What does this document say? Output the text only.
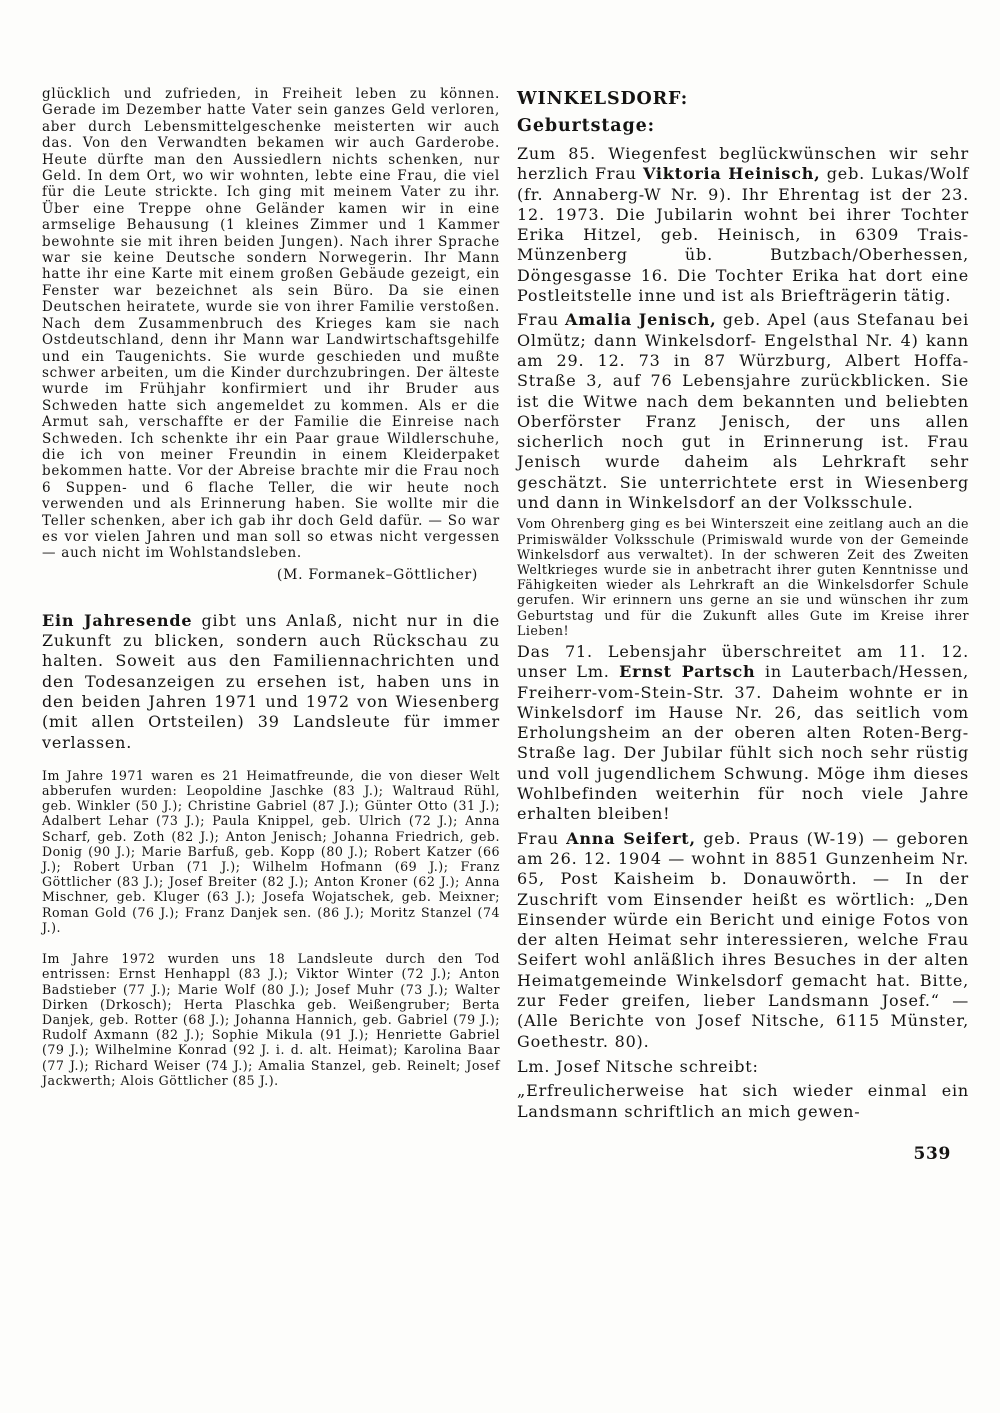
glücklich und zufrieden, in Freiheit leben zu können. Gerade im Dezember hatte Vater sein ganzes Geld verloren, aber durch Lebensmittelgeschenke meisterten wir auch das. Von den Verwandten bekamen wir auch Garderobe. Heute dürfte man den Aussiedlern nichts schenken, nur Geld. In dem Ort, wo wir wohnten, lebte eine Frau, die viel für die Leute strickte. Ich ging mit meinem Vater zu ihr. Über eine Treppe ohne Geländer kamen wir in eine armselige Behausung (1 kleines Zimmer und 1 Kammer bewohnte sie mit ihren beiden Jungen). Nach ihrer Sprache war sie keine Deutsche sondern Norwegerin. Ihr Mann hatte ihr eine Karte mit einem großen Gebäude gezeigt, ein Fenster war bezeichnet als sein Büro. Da sie einen Deutschen heiratete, wurde sie von ihrer Familie verstoßen. Nach dem Zusammenbruch des Krieges kam sie nach Ostdeutschland, denn ihr Mann war Landwirtschaftsgehilfe und ein Taugenichts. Sie wurde geschieden und mußte schwer arbeiten, um die Kinder durchzubringen. Der älteste wurde im Frühjahr konfirmiert und ihr Bruder aus Schweden hatte sich angemeldet zu kommen. Als er die Armut sah, verschaffte er der Familie die Einreise nach Schweden. Ich schenkte ihr ein Paar graue Wildlerschuhe, die ich von meiner Freundin in einem Kleiderpaket bekommen hatte. Vor der Abreise brachte mir die Frau noch 6 Suppen- und 6 flache Teller, die wir heute noch verwenden und als Erinnerung haben. Sie wollte mir die Teller schenken, aber ich gab ihr doch Geld dafür. — So war es vor vielen Jahren und man soll so etwas nicht vergessen — auch nicht im Wohlstandsleben.

(M. Formanek–Göttlicher)

Ein Jahresende gibt uns Anlaß, nicht nur in die Zukunft zu blicken, sondern auch Rückschau zu halten. Soweit aus den Familiennachrichten und den Todesanzeigen zu ersehen ist, haben uns in den beiden Jahren 1971 und 1972 von Wiesenberg (mit allen Ortsteilen) 39 Landsleute für immer verlassen.

Im Jahre 1971 waren es 21 Heimatfreunde, die von dieser Welt abberufen wurden: Leopoldine Jaschke (83 J.); Waltraud Rühl, geb. Winkler (50 J.); Christine Gabriel (87 J.); Günter Otto (31 J.); Adalbert Lehar (73 J.); Paula Knippel, geb. Ulrich (72 J.); Anna Scharf, geb. Zoth (82 J.); Anton Jenisch; Johanna Friedrich, geb. Donig (90 J.); Marie Barfuß, geb. Kopp (80 J.); Robert Katzer (66 J.); Robert Urban (71 J.); Wilhelm Hofmann (69 J.); Franz Göttlicher (83 J.); Josef Breiter (82 J.); Anton Kroner (62 J.); Anna Mischner, geb. Kluger (63 J.); Josefa Wojatschek, geb. Meixner; Roman Gold (76 J.); Franz Danjek sen. (86 J.); Moritz Stanzel (74 J.).

Im Jahre 1972 wurden uns 18 Landsleute durch den Tod entrissen: Ernst Henhappl (83 J.); Viktor Winter (72 J.); Anton Badstieber (77 J.); Marie Wolf (80 J.); Josef Muhr (73 J.); Walter Dirken (Drkosch); Herta Plaschka geb. Weißengruber; Berta Danjek, geb. Rotter (68 J.); Johanna Hannich, geb. Gabriel (79 J.); Rudolf Axmann (82 J.); Sophie Mikula (91 J.); Henriette Gabriel (79 J.); Wilhelmine Konrad (92 J. i. d. alt. Heimat); Karolina Baar (77 J.); Richard Weiser (74 J.); Amalia Stanzel, geb. Reinelt; Josef Jackwerth; Alois Göttlicher (85 J.).

WINKELSDORF:

Geburtstage:

Zum 85. Wiegenfest beglückwünschen wir sehr herzlich Frau Viktoria Heinisch, geb. Lukas/Wolf (fr. Annaberg-W Nr. 9). Ihr Ehrentag ist der 23. 12. 1973. Die Jubilarin wohnt bei ihrer Tochter Erika Hitzel, geb. Heinisch, in 6309 Trais-Münzenberg üb. Butzbach/Oberhessen, Döngesgasse 16. Die Tochter Erika hat dort eine Postleitstelle inne und ist als Briefträgerin tätig.

Frau Amalia Jenisch, geb. Apel (aus Stefanau bei Olmütz; dann Winkelsdorf- Engelsthal Nr. 4) kann am 29. 12. 73 in 87 Würzburg, Albert Hoffa-Straße 3, auf 76 Lebensjahre zurückblicken. Sie ist die Witwe nach dem bekannten und beliebten Oberförster Franz Jenisch, der uns allen sicherlich noch gut in Erinnerung ist. Frau Jenisch wurde daheim als Lehrkraft sehr geschätzt. Sie unterrichtete erst in Wiesenberg und dann in Winkelsdorf an der Volksschule.

Vom Ohrenberg ging es bei Winterszeit eine zeitlang auch an die Primiswälder Volksschule (Primiswald wurde von der Gemeinde Winkelsdorf aus verwaltet). In der schweren Zeit des Zweiten Weltkrieges wurde sie in anbetracht ihrer guten Kenntnisse und Fähigkeiten wieder als Lehrkraft an die Winkelsdorfer Schule gerufen. Wir erinnern uns gerne an sie und wünschen ihr zum Geburtstag und für die Zukunft alles Gute im Kreise ihrer Lieben!

Das 71. Lebensjahr überschreitet am 11. 12. unser Lm. Ernst Partsch in Lauterbach/Hessen, Freiherr-vom-Stein-Str. 37. Daheim wohnte er in Winkelsdorf im Hause Nr. 26, das seitlich vom Erholungsheim an der oberen alten Roten-Berg-Straße lag. Der Jubilar fühlt sich noch sehr rüstig und voll jugendlichem Schwung. Möge ihm dieses Wohlbefinden weiterhin für noch viele Jahre erhalten bleiben!

Frau Anna Seifert, geb. Praus (W-19) — geboren am 26. 12. 1904 — wohnt in 8851 Gunzenheim Nr. 65, Post Kaisheim b. Donauwörth. — In der Zuschrift vom Einsender heißt es wörtlich: „Den Einsender würde ein Bericht und einige Fotos von der alten Heimat sehr interessieren, welche Frau Seifert wohl anläßlich ihres Besuches in der alten Heimatgemeinde Winkelsdorf gemacht hat. Bitte, zur Feder greifen, lieber Landsmann Josef.“ — (Alle Berichte von Josef Nitsche, 6115 Münster, Goethestr. 80).

Lm. Josef Nitsche schreibt:

„Erfreulicherweise hat sich wieder einmal ein Landsmann schriftlich an mich gewen-

539
